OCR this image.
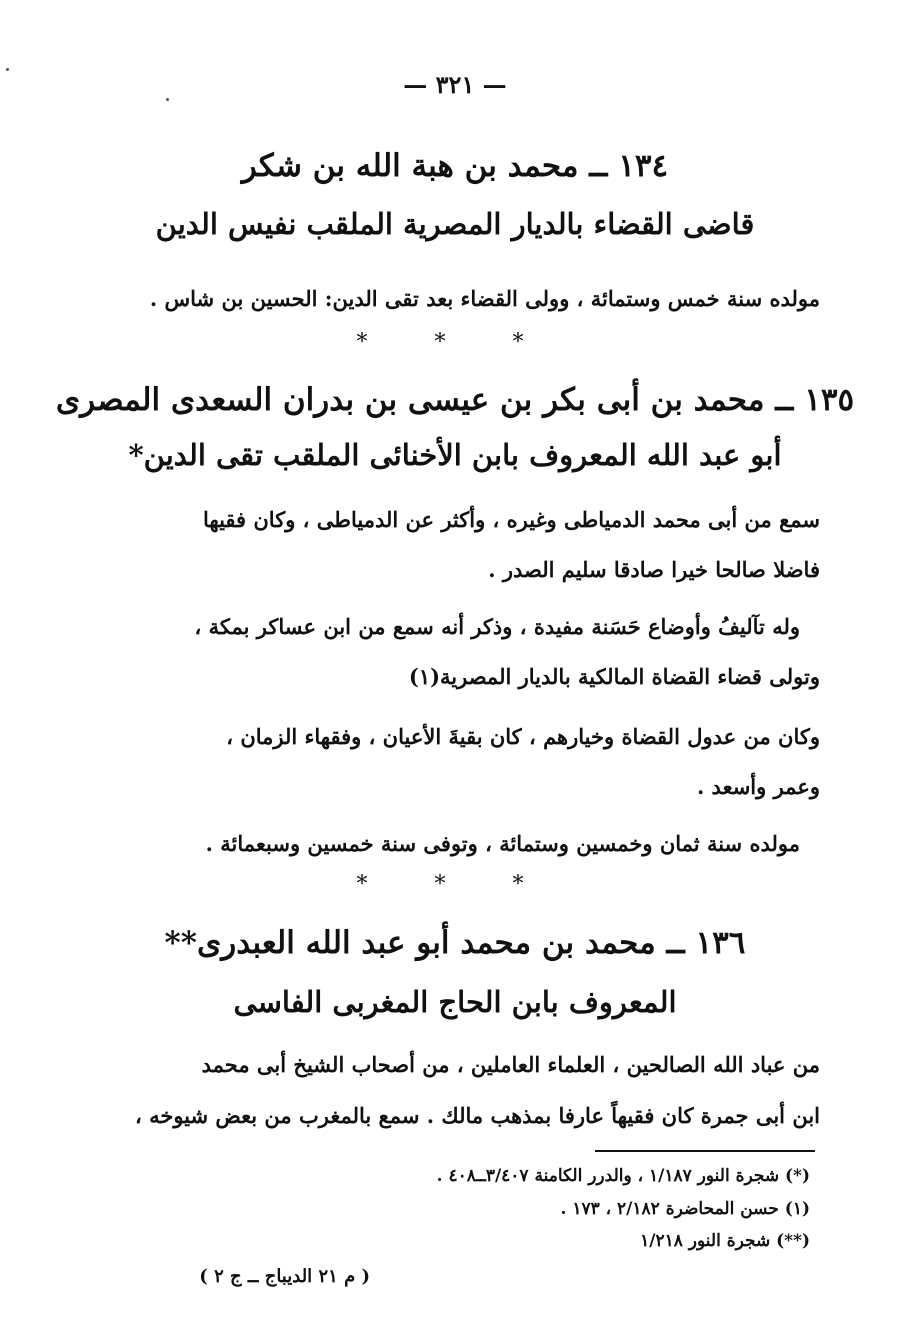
— ٣٢١ —
١٣٤ ــ محمد بن هبة الله بن شكر
قاضى القضاء بالديار المصرية الملقب نفيس الدين
مولده سنة خمس وستمائة ، وولى القضاء بعد تقى الدين: الحسين بن شاس .
* * *
١٣٥ ــ محمد بن أبى بكر بن عيسى بن بدران السعدى المصرى
أبو عبد الله المعروف بابن الأخنائى الملقب تقى الدين*
سمع من أبى محمد الدمياطى وغيره ، وأكثر عن الدمياطى ، وكان فقيها
فاضلا صالحا خيرا صادقا سليم الصدر .
وله تآليفُ وأوضاع حَسَنة مفيدة ، وذكر أنه سمع من ابن عساكر بمكة ،
وتولى قضاء القضاة المالكية بالديار المصرية(١)
وكان من عدول القضاة وخيارهم ، كان بقيةَ الأعيان ، وفقهاء الزمان ،
وعمر وأسعد .
مولده سنة ثمان وخمسين وستمائة ، وتوفى سنة خمسين وسبعمائة .
* * *
١٣٦ ــ محمد بن محمد أبو عبد الله العبدرى**
المعروف بابن الحاج المغربى الفاسى
من عباد الله الصالحين ، العلماء العاملين ، من أصحاب الشيخ أبى محمد
ابن أبى جمرة كان فقيهاً عارفا بمذهب مالك . سمع بالمغرب من بعض شيوخه ،
(*) شجرة النور ١/١٨٧ ، والدرر الكامنة ٣/٤٠٧ــ٤٠٨ .
(١) حسن المحاضرة ٢/١٨٢ ، ١٧٣ .
(**) شجرة النور ١/٢١٨
( م ٢١ الديباج ــ ج ٢ )
